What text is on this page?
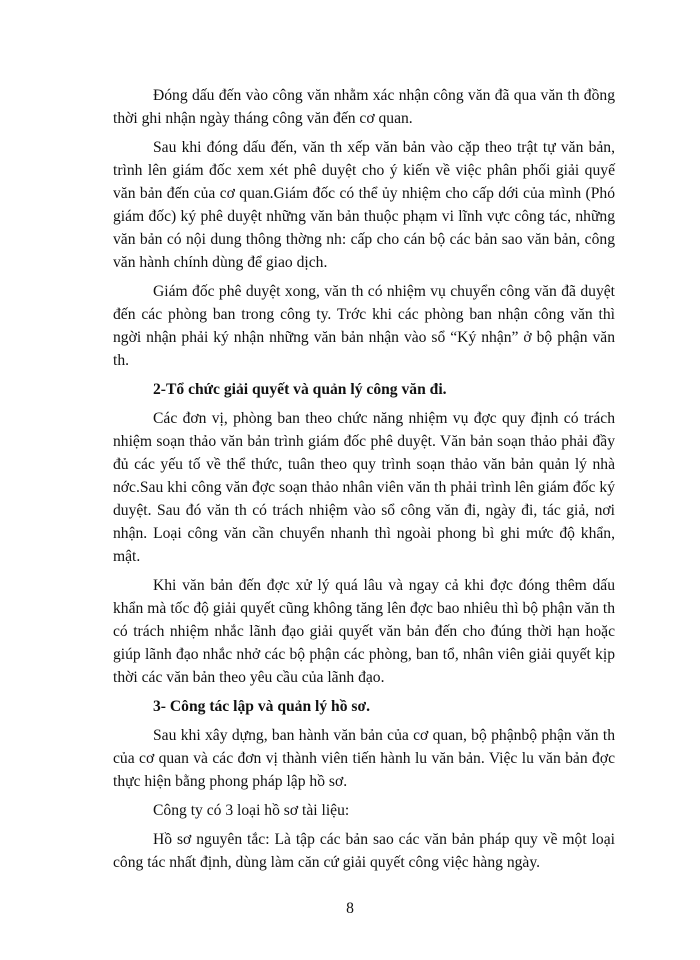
Đóng dấu đến vào công văn nhằm xác nhận công văn đã qua văn th đồng thời ghi nhận ngày tháng công văn đến cơ quan.

Sau khi đóng dấu đến, văn th xếp văn bản vào cặp theo trật tự văn bản, trình lên giám đốc xem xét phê duyệt cho ý kiến về việc phân phối giải quyế văn bản đến của cơ quan.Giám đốc có thể ủy nhiệm cho cấp dới của mình (Phó giám đốc) ký phê duyệt những văn bản thuộc phạm vi lĩnh vực công tác, những văn bản có nội dung thông thờng nh: cấp cho cán bộ các bản sao văn bản, công văn hành chính dùng để giao dịch.

Giám đốc phê duyệt xong, văn th có nhiệm vụ chuyển công văn đã duyệt đến các phòng ban trong công ty. Trớc khi các phòng ban nhận công văn thì ngời nhận phải ký nhận những văn bản nhận vào sổ “Ký nhận” ở bộ phận văn th.

2-Tổ chức giải quyết và quản lý công văn đi.

Các đơn vị, phòng ban theo chức năng nhiệm vụ đợc quy định có trách nhiệm soạn thảo văn bản trình giám đốc phê duyệt. Văn bản soạn thảo phải đầy đủ các yếu tố về thể thức, tuân theo quy trình soạn thảo văn bản quản lý nhà nớc.Sau khi công văn đợc soạn thảo nhân viên văn th phải trình lên giám đốc ký duyệt. Sau đó văn th có trách nhiệm vào sổ công văn đi, ngày đi, tác giả, nơi nhận. Loại công văn cần chuyển nhanh thì ngoài phong bì ghi mức độ khẩn, mật.

Khi văn bản đến đợc xử lý quá lâu và ngay cả khi đợc đóng thêm dấu khẩn mà tốc độ giải quyết cũng không tăng lên đợc bao nhiêu thì bộ phận văn th có trách nhiệm nhắc lãnh đạo giải quyết văn bản đến cho đúng thời hạn hoặc giúp lãnh đạo nhắc nhở các bộ phận các phòng, ban tổ, nhân viên giải quyết kịp thời các văn bản theo yêu cầu của lãnh đạo.

3- Công tác lập và quản lý hồ sơ.

Sau khi xây dựng, ban hành văn bản của cơ quan, bộ phậnbộ phận văn th của cơ quan và các đơn vị thành viên tiến hành lu văn bản. Việc lu văn bản đợc thực hiện bằng phong pháp lập hồ sơ.

Công ty có 3 loại hồ sơ tài liệu:

Hồ sơ nguyên tắc: Là tập các bản sao các văn bản pháp quy về một loại công tác nhất định, dùng làm căn cứ giải quyết công việc hàng ngày.

8
